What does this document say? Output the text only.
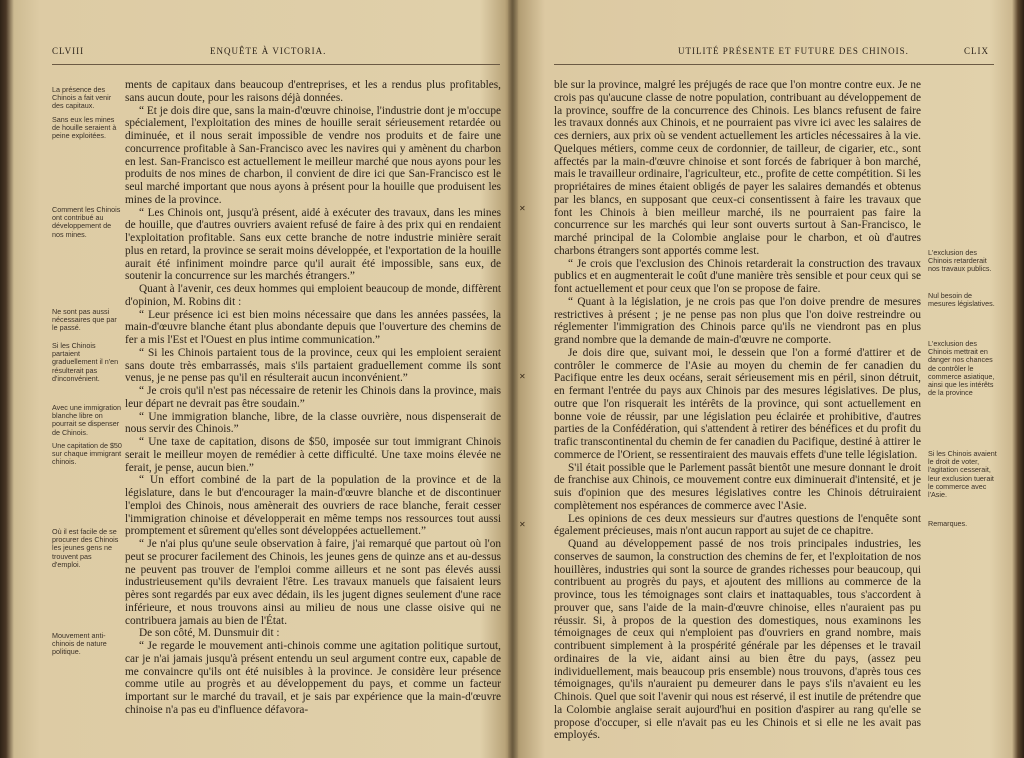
CLVIII	ENQUÊTE À VICTORIA.
La présence des Chinois a fait venir des capitaux.
Sans eux les mines de houille seraient à peine exploitées.
Comment les Chinois ont contribué au développement de nos mines.
Ne sont pas aussi nécessaires que par le passé.
Si les Chinois partaient graduellement il n'en résulterait pas d'inconvénient.
Avec une immigration blanche libre on pourrait se dispenser de Chinois.
Une capitation de $50 sur chaque immigrant chinois.
Où il est facile de se procurer des Chinois les jeunes gens ne trouvent pas d'emploi.
Mouvement anti-chinois de nature politique.

ments de capitaux dans beaucoup d'entreprises, et les a rendus plus profitables, sans aucun doute, pour les raisons déjà données.

“ Et je dois dire que, sans la main-d'œuvre chinoise, l'industrie dont je m'occupe spécialement, l'exploitation des mines de houille serait sérieusement retardée ou diminuée, et il nous serait impossible de vendre nos produits et de faire une concurrence profitable à San-Francisco avec les navires qui y amènent du charbon en lest. San-Francisco est actuellement le meilleur marché que nous ayons pour les produits de nos mines de charbon, il convient de dire ici que San-Francisco est le seul marché important que nous ayons à présent pour la houille que produisent les mines de la province.

“ Les Chinois ont, jusqu'à présent, aidé à exécuter des travaux, dans les mines de houille, que d'autres ouvriers avaient refusé de faire à des prix qui en rendaient l'exploitation profitable. Sans eux cette branche de notre industrie minière serait plus en retard, la province se serait moins développée, et l'exportation de la houille aurait été infiniment moindre parce qu'il aurait été impossible, sans eux, de soutenir la concurrence sur les marchés étrangers.”

Quant à l'avenir, ces deux hommes qui emploient beaucoup de monde, diffèrent d'opinion, M. Robins dit :

“ Leur présence ici est bien moins nécessaire que dans les années passées, la main-d'œuvre blanche étant plus abondante depuis que l'ouverture des chemins de fer a mis l'Est et l'Ouest en plus intime communication.”

“ Si les Chinois partaient tous de la province, ceux qui les emploient seraient sans doute très embarrassés, mais s'ils partaient graduellement comme ils sont venus, je ne pense pas qu'il en résulterait aucun inconvénient.”

“ Je crois qu'il n'est pas nécessaire de retenir les Chinois dans la province, mais leur départ ne devrait pas être soudain.”

“ Une immigration blanche, libre, de la classe ouvrière, nous dispenserait de nous servir des Chinois.”

“ Une taxe de capitation, disons de $50, imposée sur tout immigrant Chinois serait le meilleur moyen de remédier à cette difficulté. Une taxe moins élevée ne ferait, je pense, aucun bien.”

“ Un effort combiné de la part de la population de la province et de la législature, dans le but d'encourager la main-d'œuvre blanche et de discontinuer l'emploi des Chinois, nous amènerait des ouvriers de race blanche, ferait cesser l'immigration chinoise et développerait en même temps nos ressources tout aussi promptement et sûrement qu'elles sont développées actuellement.”

“ Je n'ai plus qu'une seule observation à faire, j'ai remarqué que partout où l'on peut se procurer facilement des Chinois, les jeunes gens de quinze ans et au-dessus ne peuvent pas trouver de l'emploi comme ailleurs et ne sont pas élevés aussi industrieusement qu'ils devraient l'être. Les travaux manuels que faisaient leurs pères sont regardés par eux avec dédain, ils les jugent dignes seulement d'une race inférieure, et nous trouvons ainsi au milieu de nous une classe oisive qui ne contribuera jamais au bien de l'État.

De son côté, M. Dunsmuir dit :

“ Je regarde le mouvement anti-chinois comme une agitation politique surtout, car je n'ai jamais jusqu'à présent entendu un seul argument contre eux, capable de me convaincre qu'ils ont été nuisibles à la province. Je considère leur présence comme utile au progrès et au développement du pays, et comme un facteur important sur le marché du travail, et je sais par expérience que la main-d'œuvre chinoise n'a pas eu d'influence défavora-

✕
✕
✕
UTILITÉ PRÉSENTE ET FUTURE DES CHINOIS.	CLIX

ble sur la province, malgré les préjugés de race que l'on montre contre eux. Je ne crois pas qu'aucune classe de notre population, contribuant au développement de la province, souffre de la concurrence des Chinois. Les blancs refusent de faire les travaux donnés aux Chinois, et ne pourraient pas vivre ici avec les salaires de ces derniers, aux prix où se vendent actuellement les articles nécessaires à la vie. Quelques métiers, comme ceux de cordonnier, de tailleur, de cigarier, etc., sont affectés par la main-d'œuvre chinoise et sont forcés de fabriquer à bon marché, mais le travailleur ordinaire, l'agriculteur, etc., profite de cette compétition. Si les propriétaires de mines étaient obligés de payer les salaires demandés et obtenus par les blancs, en supposant que ceux-ci consentissent à faire les travaux que font les Chinois à bien meilleur marché, ils ne pourraient pas faire la concurrence sur les marchés qui leur sont ouverts surtout à San-Francisco, le marché principal de la Colombie anglaise pour le charbon, et où d'autres charbons étrangers sont apportés comme lest.

“ Je crois que l'exclusion des Chinois retarderait la construction des travaux publics et en augmenterait le coût d'une manière très sensible et pour ceux qui se font actuellement et pour ceux que l'on se propose de faire.

“ Quant à la législation, je ne crois pas que l'on doive prendre de mesures restrictives à présent ; je ne pense pas non plus que l'on doive restreindre ou réglementer l'immigration des Chinois parce qu'ils ne viendront pas en plus grand nombre que la demande de main-d'œuvre ne comporte.

Je dois dire que, suivant moi, le dessein que l'on a formé d'attirer et de contrôler le commerce de l'Asie au moyen du chemin de fer canadien du Pacifique entre les deux océans, serait sérieusement mis en péril, sinon détruit, en fermant l'entrée du pays aux Chinois par des mesures législatives. De plus, outre que l'on risquerait les intérêts de la province, qui sont actuellement en bonne voie de réussir, par une législation peu éclairée et prohibitive, d'autres parties de la Confédération, qui s'attendent à retirer des bénéfices et du profit du trafic transcontinental du chemin de fer canadien du Pacifique, destiné à attirer le commerce de l'Orient, se ressentiraient des mauvais effets d'une telle législation.

S'il était possible que le Parlement passât bientôt une mesure donnant le droit de franchise aux Chinois, ce mouvement contre eux diminuerait d'intensité, et je suis d'opinion que des mesures législatives contre les Chinois détruiraient complètement nos espérances de commerce avec l'Asie.

Les opinions de ces deux messieurs sur d'autres questions de l'enquête sont également précieuses, mais n'ont aucun rapport au sujet de ce chapitre.

Quand au développement passé de nos trois principales industries, les conserves de saumon, la construction des chemins de fer, et l'exploitation de nos houillères, industries qui sont la source de grandes richesses pour beaucoup, qui contribuent au progrès du pays, et ajoutent des millions au commerce de la province, tous les témoignages sont clairs et inattaquables, tous s'accordent à prouver que, sans l'aide de la main-d'œuvre chinoise, elles n'auraient pas pu réussir. Si, à propos de la question des domestiques, nous examinons les témoignages de ceux qui n'emploient pas d'ouvriers en grand nombre, mais contribuent simplement à la prospérité générale par les dépenses et le travail ordinaires de la vie, aidant ainsi au bien être du pays, (assez peu individuellement, mais beaucoup pris ensemble) nous trouvons, d'après tous ces témoignages, qu'ils n'auraient pu demeurer dans le pays s'ils n'avaient eu les Chinois. Quel que soit l'avenir qui nous est réservé, il est inutile de prétendre que la Colombie anglaise serait aujourd'hui en position d'aspirer au rang qu'elle se propose d'occuper, si elle n'avait pas eu les Chinois et si elle ne les avait pas employés.

L'exclusion des Chinois retarderait nos travaux publics.
Nul besoin de mesures législatives.
L'exclusion des Chinois mettrait en danger nos chances de contrôler le commerce asiatique, ainsi que les intérêts de la province
Si les Chinois avaient le droit de voter, l'agitation cesserait, leur exclusion tuerait le commerce avec l'Asie.
Remarques.
